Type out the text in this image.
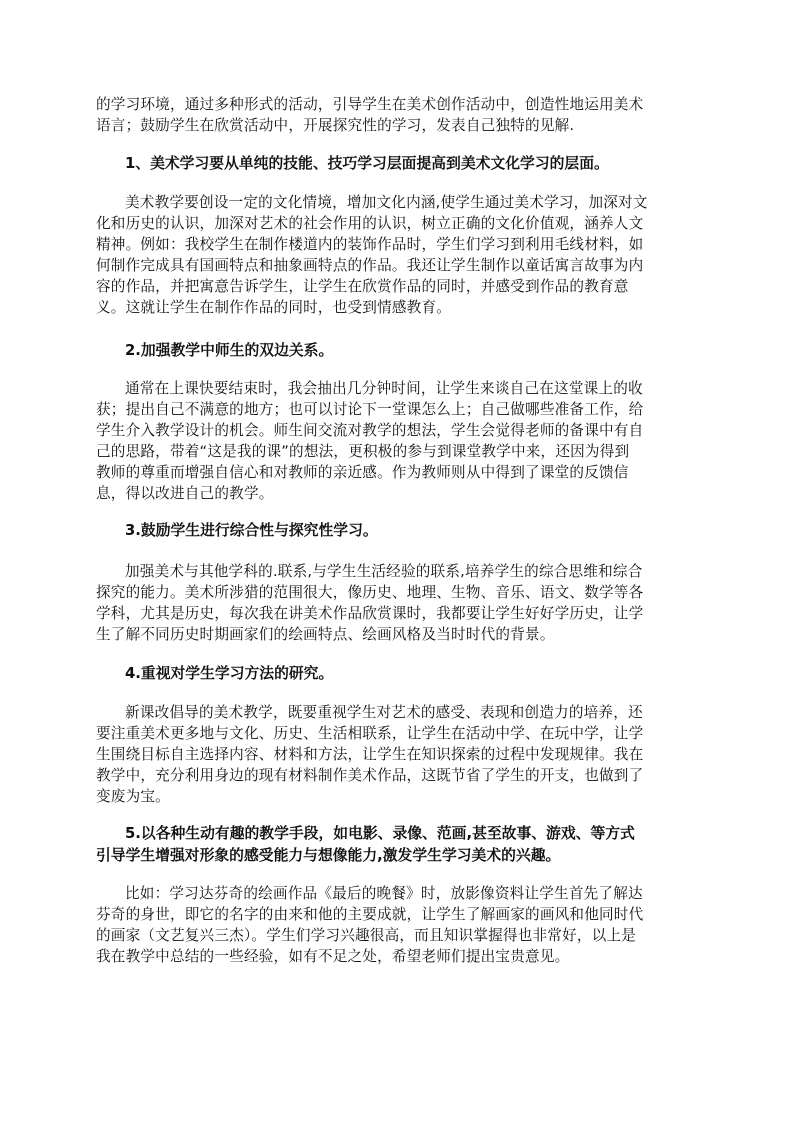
的学习环境，通过多种形式的活动，引导学生在美术创作活动中，创造性地运用美术
语言；鼓励学生在欣赏活动中，开展探究性的学习，发表自己独特的见解.
1、美术学习要从单纯的技能、技巧学习层面提高到美术文化学习的层面。
美术教学要创设一定的文化情境，增加文化内涵,使学生通过美术学习，加深对文
化和历史的认识，加深对艺术的社会作用的认识，树立正确的文化价值观，涵养人文
精神。例如：我校学生在制作楼道内的装饰作品时，学生们学习到利用毛线材料，如
何制作完成具有国画特点和抽象画特点的作品。我还让学生制作以童话寓言故事为内
容的作品，并把寓意告诉学生，让学生在欣赏作品的同时，并感受到作品的教育意
义。这就让学生在制作作品的同时，也受到情感教育。
2.加强教学中师生的双边关系。
通常在上课快要结束时，我会抽出几分钟时间，让学生来谈自己在这堂课上的收
获；提出自己不满意的地方；也可以讨论下一堂课怎么上；自己做哪些准备工作，给
学生介入教学设计的机会。师生间交流对教学的想法，学生会觉得老师的备课中有自
己的思路，带着“这是我的课”的想法，更积极的参与到课堂教学中来，还因为得到
教师的尊重而增强自信心和对教师的亲近感。作为教师则从中得到了课堂的反馈信
息，得以改进自己的教学。
3.鼓励学生进行综合性与探究性学习。
加强美术与其他学科的.联系,与学生生活经验的联系,培养学生的综合思维和综合
探究的能力。美术所涉猎的范围很大，像历史、地理、生物、音乐、语文、数学等各
学科，尤其是历史，每次我在讲美术作品欣赏课时，我都要让学生好好学历史，让学
生了解不同历史时期画家们的绘画特点、绘画风格及当时时代的背景。
4.重视对学生学习方法的研究。
新课改倡导的美术教学，既要重视学生对艺术的感受、表现和创造力的培养，还
要注重美术更多地与文化、历史、生活相联系，让学生在活动中学、在玩中学，让学
生围绕目标自主选择内容、材料和方法，让学生在知识探索的过程中发现规律。我在
教学中，充分利用身边的现有材料制作美术作品，这既节省了学生的开支，也做到了
变废为宝。
5.以各种生动有趣的教学手段，如电影、录像、范画,甚至故事、游戏、等方式
引导学生增强对形象的感受能力与想像能力,激发学生学习美术的兴趣。
比如：学习达芬奇的绘画作品《最后的晚餐》时，放影像资料让学生首先了解达
芬奇的身世，即它的名字的由来和他的主要成就，让学生了解画家的画风和他同时代
的画家（文艺复兴三杰）。学生们学习兴趣很高，而且知识掌握得也非常好，以上是
我在教学中总结的一些经验，如有不足之处，希望老师们提出宝贵意见。
